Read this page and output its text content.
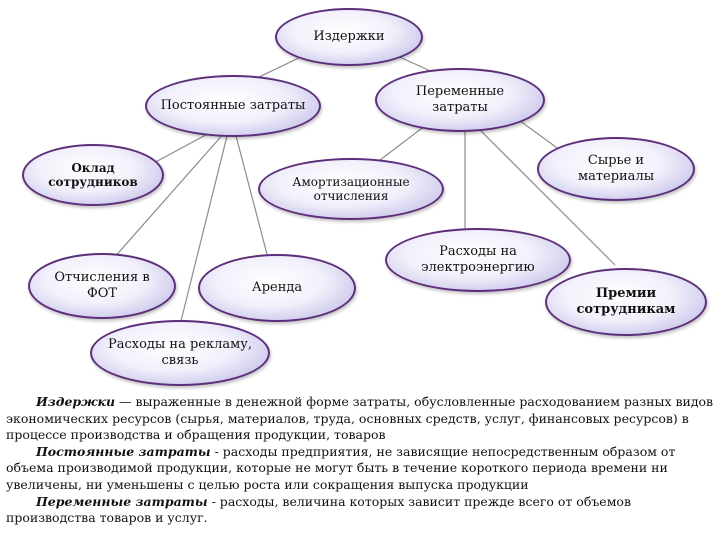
Издержки
Постоянные затраты
Переменные затраты
Оклад сотрудников	Амортизационные отчисления
Сырье и материалы
Отчисления в ФОТ	Аренда
Расходы на электроэнергию
Премии сотрудникам
Расходы на рекламу, связь

Издержки — выраженные в денежной форме затраты, обусловленные расходованием разных видов экономических ресурсов (сырья, материалов, труда, основных средств, услуг, финансовых ресурсов) в процессе производства и обращения продукции, товаров

Постоянные затраты - расходы предприятия, не зависящие непосредственным образом от объема производимой продукции, которые не могут быть в течение короткого периода времени ни увеличены, ни уменьшены с целью роста или сокращения выпуска продукции

Переменные затраты - расходы, величина которых зависит прежде всего от объемов производства товаров и услуг.
